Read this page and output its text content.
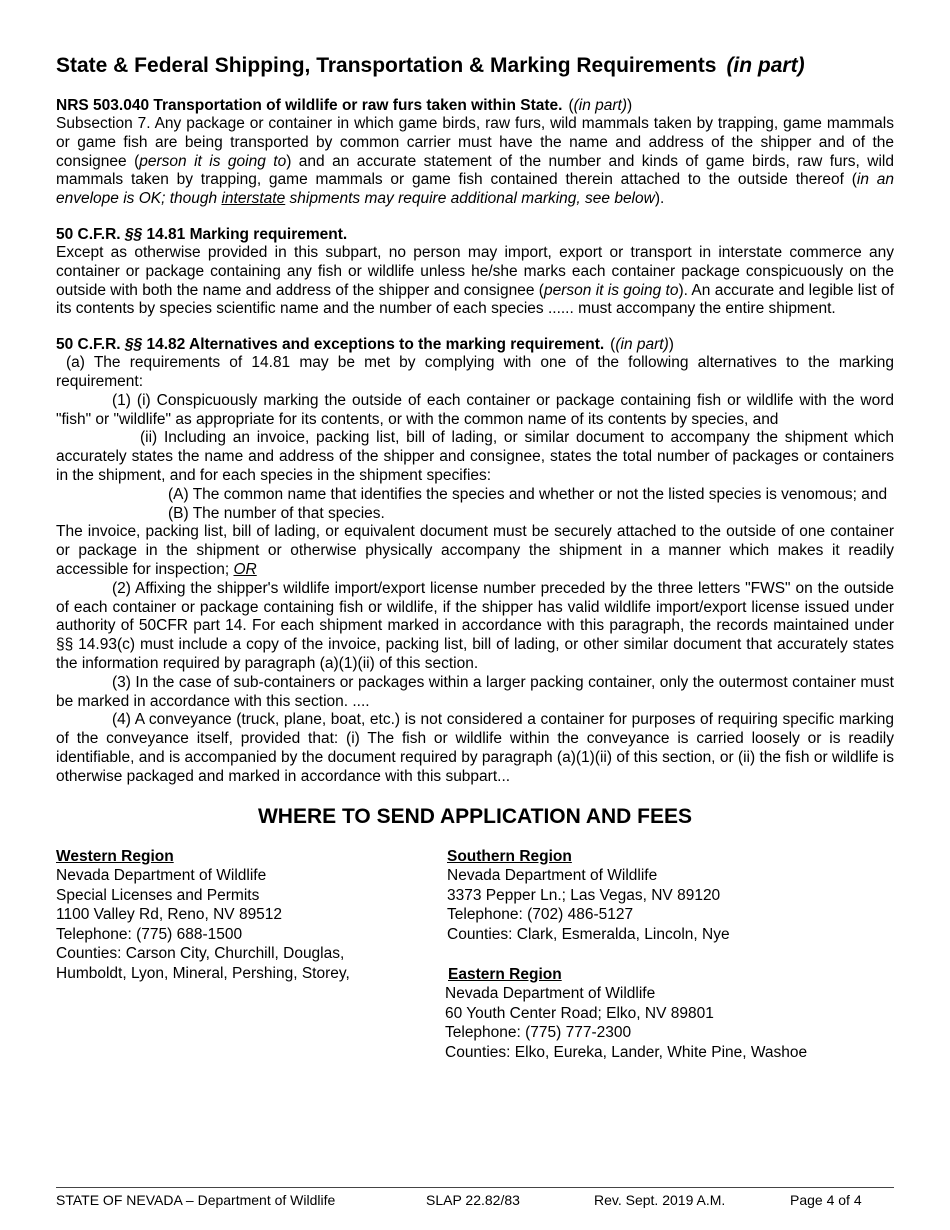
State & Federal Shipping, Transportation & Marking Requirements (in part)
NRS 503.040 Transportation of wildlife or raw furs taken within State. ((in part))

Subsection 7. Any package or container in which game birds, raw furs, wild mammals taken by trapping, game mammals or game fish are being transported by common carrier must have the name and address of the shipper and of the consignee (person it is going to) and an accurate statement of the number and kinds of game birds, raw furs, wild mammals taken by trapping, game mammals or game fish contained therein attached to the outside thereof (in an envelope is OK; though interstate shipments may require additional marking, see below).

50 C.F.R. §§ 14.81 Marking requirement.

Except as otherwise provided in this subpart, no person may import, export or transport in interstate commerce any container or package containing any fish or wildlife unless he/she marks each container package conspicuously on the outside with both the name and address of the shipper and consignee (person it is going to). An accurate and legible list of its contents by species scientific name and the number of each species ...... must accompany the entire shipment.

50 C.F.R. §§ 14.82 Alternatives and exceptions to the marking requirement. ((in part))

(a) The requirements of 14.81 may be met by complying with one of the following alternatives to the marking requirement:

(1) (i) Conspicuously marking the outside of each container or package containing fish or wildlife with the word "fish" or "wildlife" as appropriate for its contents, or with the common name of its contents by species, and

(ii) Including an invoice, packing list, bill of lading, or similar document to accompany the shipment which accurately states the name and address of the shipper and consignee, states the total number of packages or containers in the shipment, and for each species in the shipment specifies:

(A) The common name that identifies the species and whether or not the listed species is venomous; and

(B) The number of that species.

The invoice, packing list, bill of lading, or equivalent document must be securely attached to the outside of one container or package in the shipment or otherwise physically accompany the shipment in a manner which makes it readily accessible for inspection; OR

(2) Affixing the shipper's wildlife import/export license number preceded by the three letters "FWS" on the outside of each container or package containing fish or wildlife, if the shipper has valid wildlife import/export license issued under authority of 50CFR part 14. For each shipment marked in accordance with this paragraph, the records maintained under §§ 14.93(c) must include a copy of the invoice, packing list, bill of lading, or other similar document that accurately states the information required by paragraph (a)(1)(ii) of this section.

(3) In the case of sub-containers or packages within a larger packing container, only the outermost container must be marked in accordance with this section. ....

(4) A conveyance (truck, plane, boat, etc.) is not considered a container for purposes of requiring specific marking of the conveyance itself, provided that: (i) The fish or wildlife within the conveyance is carried loosely or is readily identifiable, and is accompanied by the document required by paragraph (a)(1)(ii) of this section, or (ii) the fish or wildlife is otherwise packaged and marked in accordance with this subpart...

WHERE TO SEND APPLICATION AND FEES
Western Region
Nevada Department of Wildlife
Special Licenses and Permits
1100 Valley Rd, Reno, NV 89512
Telephone: (775) 688-1500
Counties: Carson City, Churchill, Douglas,
Humboldt, Lyon, Mineral, Pershing, Storey,
Southern Region
Nevada Department of Wildlife
3373 Pepper Ln.; Las Vegas, NV 89120
Telephone: (702) 486-5127
Counties: Clark, Esmeralda, Lincoln, Nye
Eastern Region
Nevada Department of Wildlife
60 Youth Center Road; Elko, NV 89801
Telephone: (775) 777-2300
Counties: Elko, Eureka, Lander, White Pine, Washoe
STATE OF NEVADA – Department of Wildlife	SLAP 22.82/83	Rev. Sept. 2019 A.M.	Page 4 of 4
